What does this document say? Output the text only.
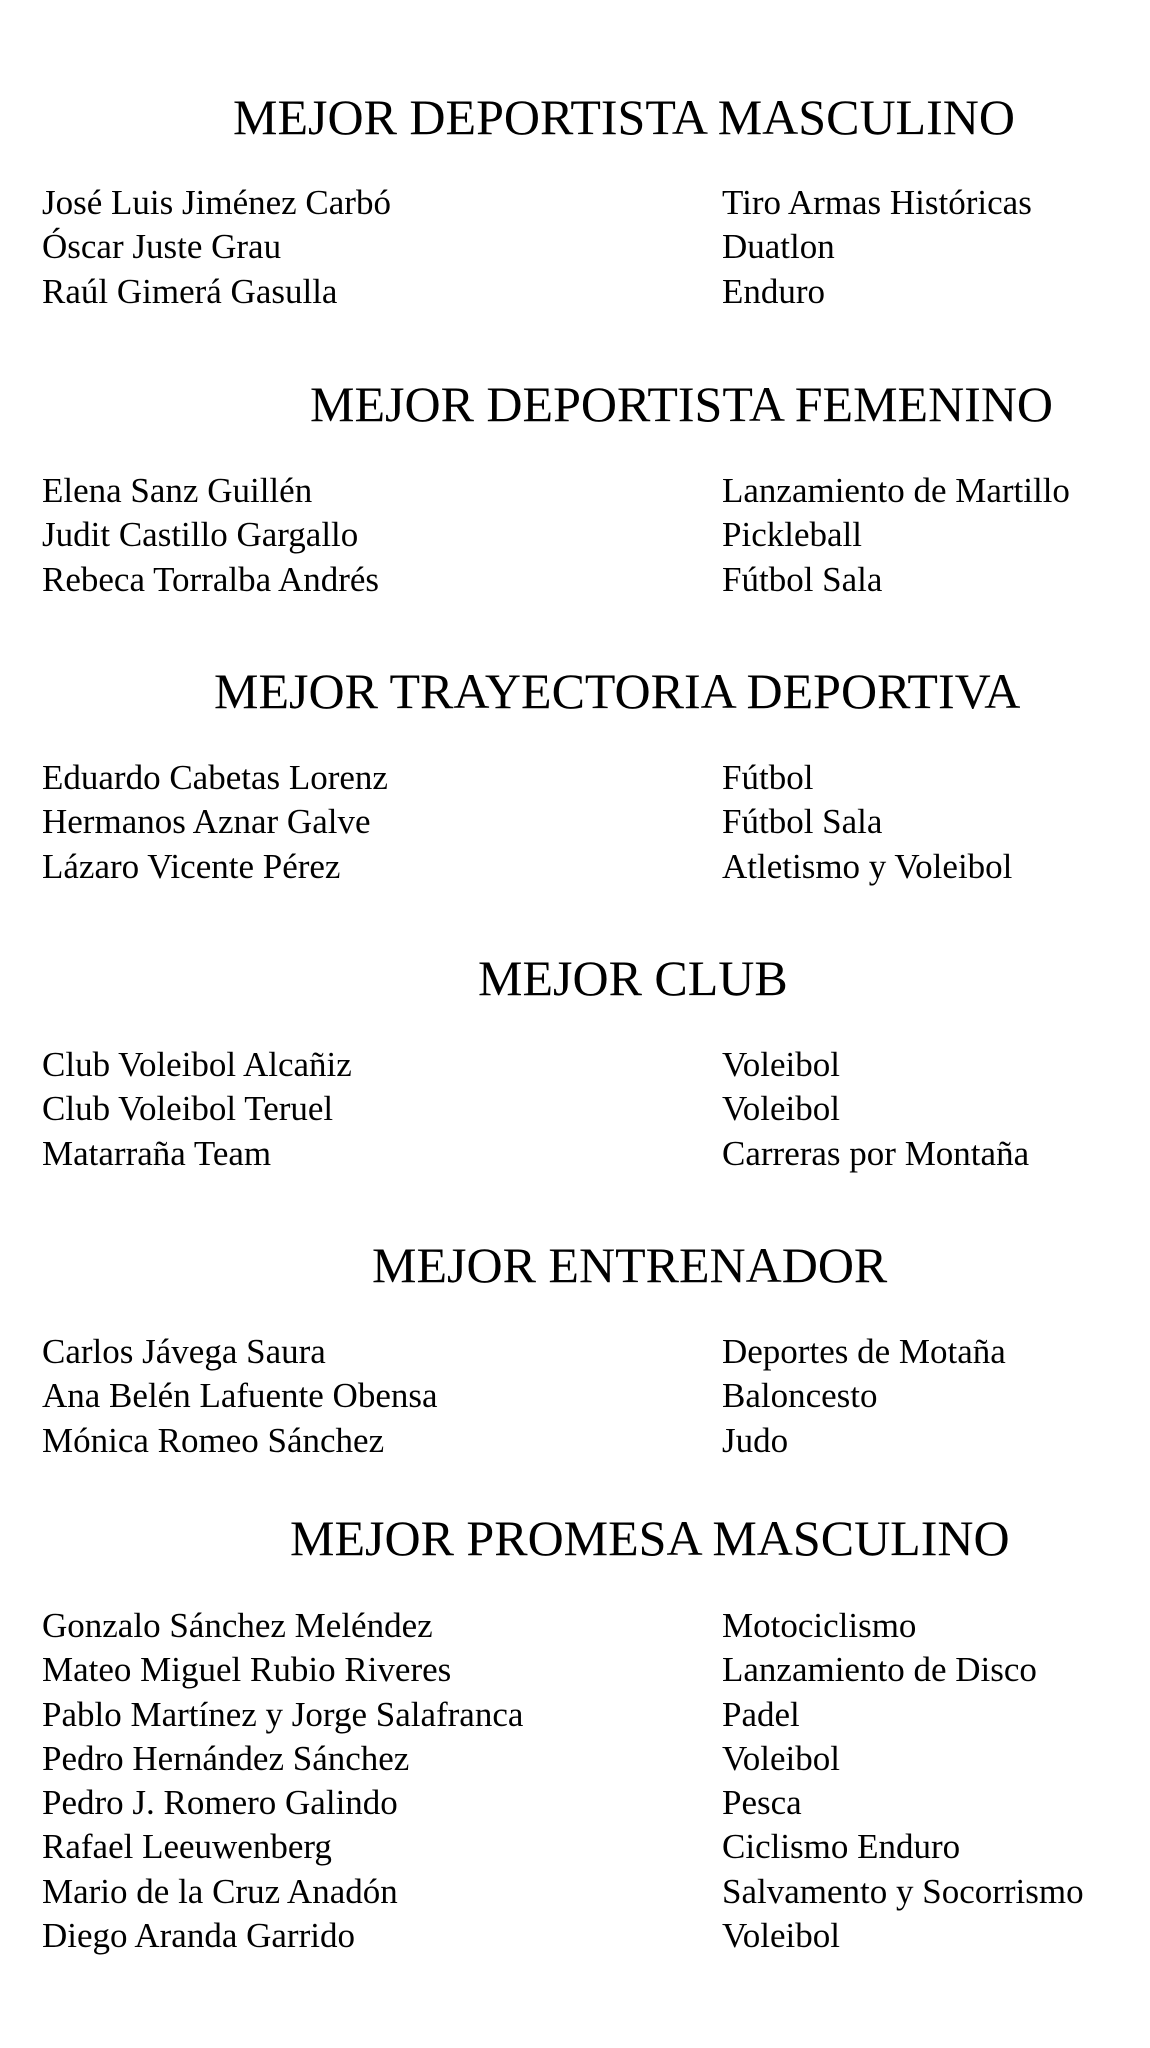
MEJOR DEPORTISTA MASCULINO
José Luis Jiménez Carbó	Tiro Armas Históricas
Óscar Juste Grau	Duatlon
Raúl Gimerá Gasulla	Enduro
MEJOR DEPORTISTA FEMENINO
Elena Sanz Guillén	Lanzamiento de Martillo
Judit Castillo Gargallo	Pickleball
Rebeca Torralba Andrés	Fútbol Sala
MEJOR TRAYECTORIA DEPORTIVA
Eduardo Cabetas Lorenz	Fútbol
Hermanos Aznar Galve	Fútbol Sala
Lázaro Vicente Pérez	Atletismo y Voleibol
MEJOR CLUB
Club Voleibol Alcañiz	Voleibol
Club Voleibol Teruel	Voleibol
Matarraña Team	Carreras por Montaña
MEJOR ENTRENADOR
Carlos Jávega Saura	Deportes de Motaña
Ana Belén Lafuente Obensa	Baloncesto
Mónica Romeo Sánchez	Judo
MEJOR PROMESA MASCULINO
Gonzalo Sánchez Meléndez	Motociclismo
Mateo Miguel Rubio Riveres	Lanzamiento de Disco
Pablo Martínez y Jorge Salafranca	Padel
Pedro Hernández Sánchez	Voleibol
Pedro J. Romero Galindo	Pesca
Rafael Leeuwenberg	Ciclismo Enduro
Mario de la Cruz Anadón	Salvamento y Socorrismo
Diego Aranda Garrido	Voleibol
